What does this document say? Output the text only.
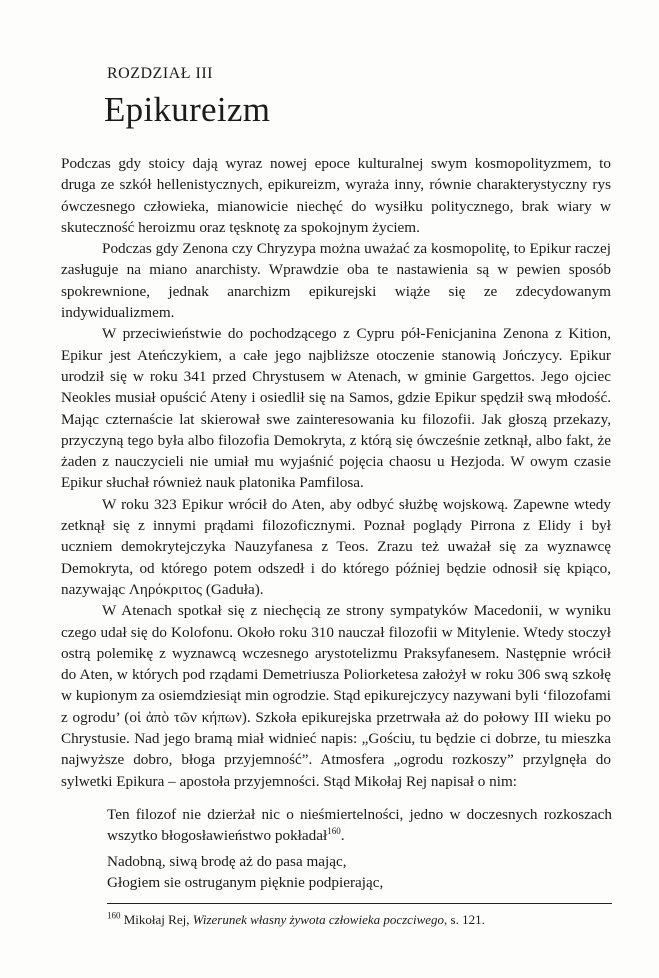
ROZDZIAŁ III
Epikureizm

Podczas gdy stoicy dają wyraz nowej epoce kulturalnej swym kosmopolityzmem, to druga ze szkół hellenistycznych, epikureizm, wyraża inny, równie charakterystyczny rys ówczesnego człowieka, mianowicie niechęć do wysiłku politycznego, brak wiary w skuteczność heroizmu oraz tęsknotę za spokojnym życiem.

Podczas gdy Zenona czy Chryzypa można uważać za kosmopolitę, to Epikur raczej zasługuje na miano anarchisty. Wprawdzie oba te nastawienia są w pewien sposób spokrewnione, jednak anarchizm epikurejski wiąże się ze zdecydowanym indywidualizmem.

W przeciwieństwie do pochodzącego z Cypru pół-Fenicjanina Zenona z Kition, Epikur jest Ateńczykiem, a całe jego najbliższe otoczenie stanowią Jończycy. Epikur urodził się w roku 341 przed Chrystusem w Atenach, w gminie Gargettos. Jego ojciec Neokles musiał opuścić Ateny i osiedlił się na Samos, gdzie Epikur spędził swą młodość. Mając czternaście lat skierował swe zainteresowania ku filozofii. Jak głoszą przekazy, przyczyną tego była albo filozofia Demokryta, z którą się ówcześnie zetknął, albo fakt, że żaden z nauczycieli nie umiał mu wyjaśnić pojęcia chaosu u Hezjoda. W owym czasie Epikur słuchał również nauk platonika Pamfilosa.

W roku 323 Epikur wrócił do Aten, aby odbyć służbę wojskową. Zapewne wtedy zetknął się z innymi prądami filozoficznymi. Poznał poglądy Pirrona z Elidy i był uczniem demokrytejczyka Nauzyfanesa z Teos. Zrazu też uważał się za wyznawcę Demokryta, od którego potem odszedł i do którego później będzie odnosił się kpiąco, nazywając Ληρόκριτος (Gaduła).

W Atenach spotkał się z niechęcią ze strony sympatyków Macedonii, w wyniku czego udał się do Kolofonu. Około roku 310 nauczał filozofii w Mitylenie. Wtedy stoczył ostrą polemikę z wyznawcą wczesnego arystotelizmu Praksyfanesem. Następnie wrócił do Aten, w których pod rządami Demetriusza Poliorketesa założył w roku 306 swą szkołę w kupionym za osiemdziesiąt min ogrodzie. Stąd epikurejczycy nazywani byli ‘filozofami z ogrodu’ (οἱ ἀπὸ τῶν κήπων). Szkoła epikurejska przetrwała aż do połowy III wieku po Chrystusie. Nad jego bramą miał widnieć napis: „Gościu, tu będzie ci dobrze, tu mieszka najwyższe dobro, błoga przyjemność”. Atmosfera „ogrodu rozkoszy” przylgnęła do sylwetki Epikura – apostoła przyjemności. Stąd Mikołaj Rej napisał o nim:

Ten filozof nie dzierżał nic o nieśmiertelności, jedno w doczesnych rozkoszach wszytko błogosławieństwo pokładał$^{160}$.

Nadobną, siwą brodę aż do pasa mając,
Głogiem sie ostruganym pięknie podpierając,
$^{160}$ Mikołaj Rej, Wizerunek własny żywota człowieka poczciwego, s. 121.
